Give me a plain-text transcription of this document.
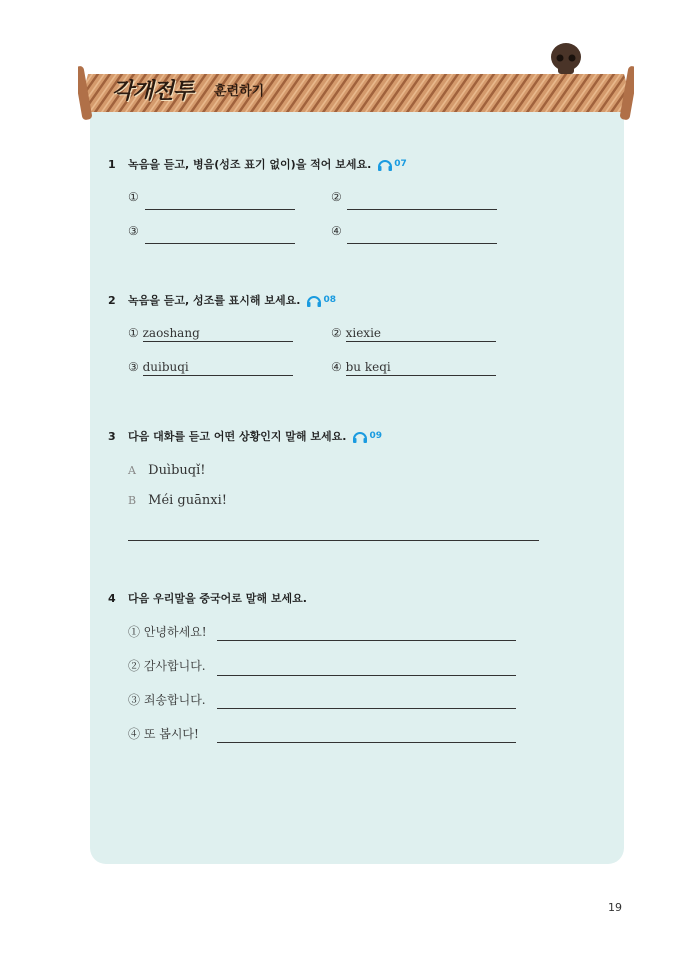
각개전투 훈련하기
1	녹음을 듣고, 병음(성조 표기 없이)을 적어 보세요.	07
①	②
③	④
2	녹음을 듣고, 성조를 표시해 보세요.	08
① zaoshang	② xiexie
③ duibuqi	④ bu keqi
3	다음 대화를 듣고 어떤 상황인지 말해 보세요.	09
A Duìbuqǐ!
B Méi guānxi!
4	다음 우리말을 중국어로 말해 보세요.
① 안녕하세요!
② 감사합니다.
③ 죄송합니다.
④ 또 봅시다!
19
